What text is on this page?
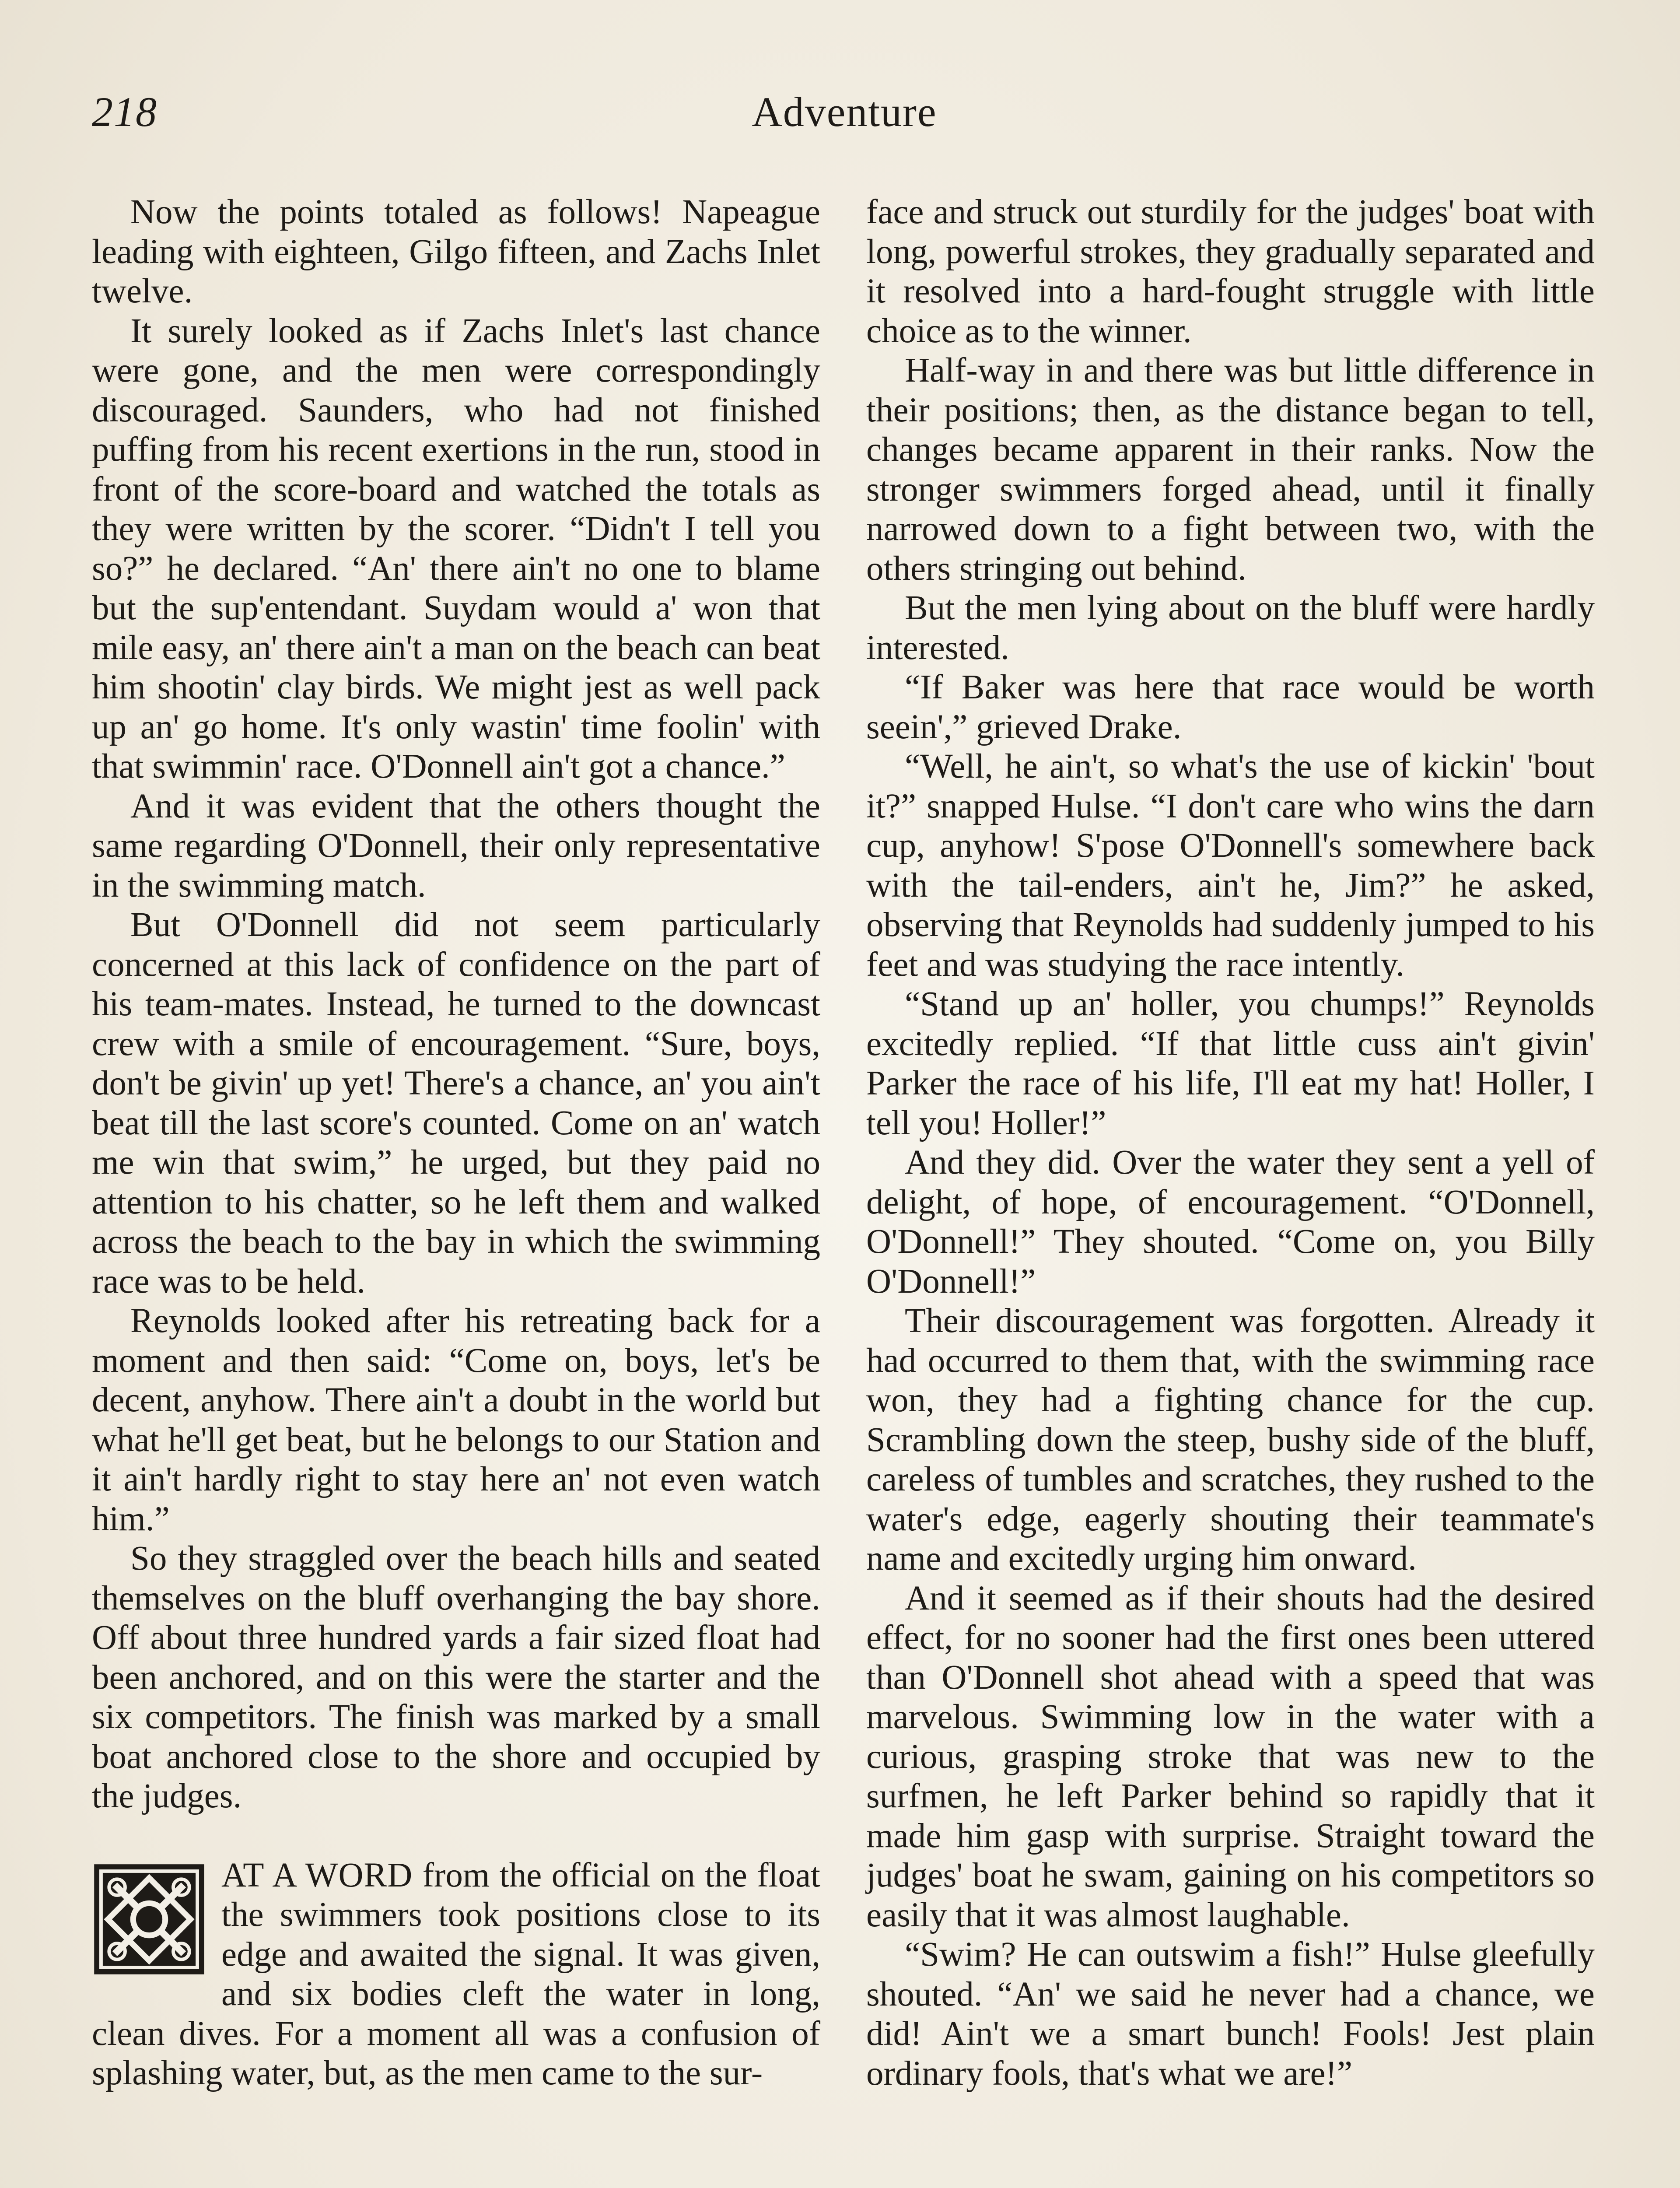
218	Adventure

Now the points totaled as follows! Napeague leading with eighteen, Gilgo fifteen, and Zachs Inlet twelve.

It surely looked as if Zachs Inlet's last chance were gone, and the men were correspondingly discouraged. Saunders, who had not finished puffing from his recent exertions in the run, stood in front of the score-board and watched the totals as they were written by the scorer. “Didn't I tell you so?” he declared. “An' there ain't no one to blame but the sup'entendant. Suydam would a' won that mile easy, an' there ain't a man on the beach can beat him shootin' clay birds. We might jest as well pack up an' go home. It's only wastin' time foolin' with that swimmin' race. O'Donnell ain't got a chance.”

And it was evident that the others thought the same regarding O'Donnell, their only representative in the swimming match.

But O'Donnell did not seem particularly concerned at this lack of confidence on the part of his team-mates. Instead, he turned to the downcast crew with a smile of encouragement. “Sure, boys, don't be givin' up yet! There's a chance, an' you ain't beat till the last score's counted. Come on an' watch me win that swim,” he urged, but they paid no attention to his chatter, so he left them and walked across the beach to the bay in which the swimming race was to be held.

Reynolds looked after his retreating back for a moment and then said: “Come on, boys, let's be decent, anyhow. There ain't a doubt in the world but what he'll get beat, but he belongs to our Station and it ain't hardly right to stay here an' not even watch him.”

So they straggled over the beach hills and seated themselves on the bluff overhanging the bay shore. Off about three hundred yards a fair sized float had been anchored, and on this were the starter and the six competitors. The finish was marked by a small boat anchored close to the shore and occupied by the judges.

AT A WORD from the official on the float the swimmers took positions close to its edge and awaited the signal. It was given, and six bodies cleft the water in long, clean dives. For a moment all was a confusion of splashing water, but, as the men came to the sur-

face and struck out sturdily for the judges' boat with long, powerful strokes, they gradually separated and it resolved into a hard-fought struggle with little choice as to the winner.

Half-way in and there was but little difference in their positions; then, as the distance began to tell, changes became apparent in their ranks. Now the stronger swimmers forged ahead, until it finally narrowed down to a fight between two, with the others stringing out behind.

But the men lying about on the bluff were hardly interested.

“If Baker was here that race would be worth seein',” grieved Drake.

“Well, he ain't, so what's the use of kickin' 'bout it?” snapped Hulse. “I don't care who wins the darn cup, anyhow! S'pose O'Donnell's somewhere back with the tail-enders, ain't he, Jim?” he asked, observing that Reynolds had suddenly jumped to his feet and was studying the race intently.

“Stand up an' holler, you chumps!” Reynolds excitedly replied. “If that little cuss ain't givin' Parker the race of his life, I'll eat my hat! Holler, I tell you! Holler!”

And they did. Over the water they sent a yell of delight, of hope, of encouragement. “O'Donnell, O'Donnell!” They shouted. “Come on, you Billy O'Donnell!”

Their discouragement was forgotten. Already it had occurred to them that, with the swimming race won, they had a fighting chance for the cup. Scrambling down the steep, bushy side of the bluff, careless of tumbles and scratches, they rushed to the water's edge, eagerly shouting their teammate's name and excitedly urging him onward.

And it seemed as if their shouts had the desired effect, for no sooner had the first ones been uttered than O'Donnell shot ahead with a speed that was marvelous. Swimming low in the water with a curious, grasping stroke that was new to the surfmen, he left Parker behind so rapidly that it made him gasp with surprise. Straight toward the judges' boat he swam, gaining on his competitors so easily that it was almost laughable.

“Swim? He can outswim a fish!” Hulse gleefully shouted. “An' we said he never had a chance, we did! Ain't we a smart bunch! Fools! Jest plain ordinary fools, that's what we are!”
